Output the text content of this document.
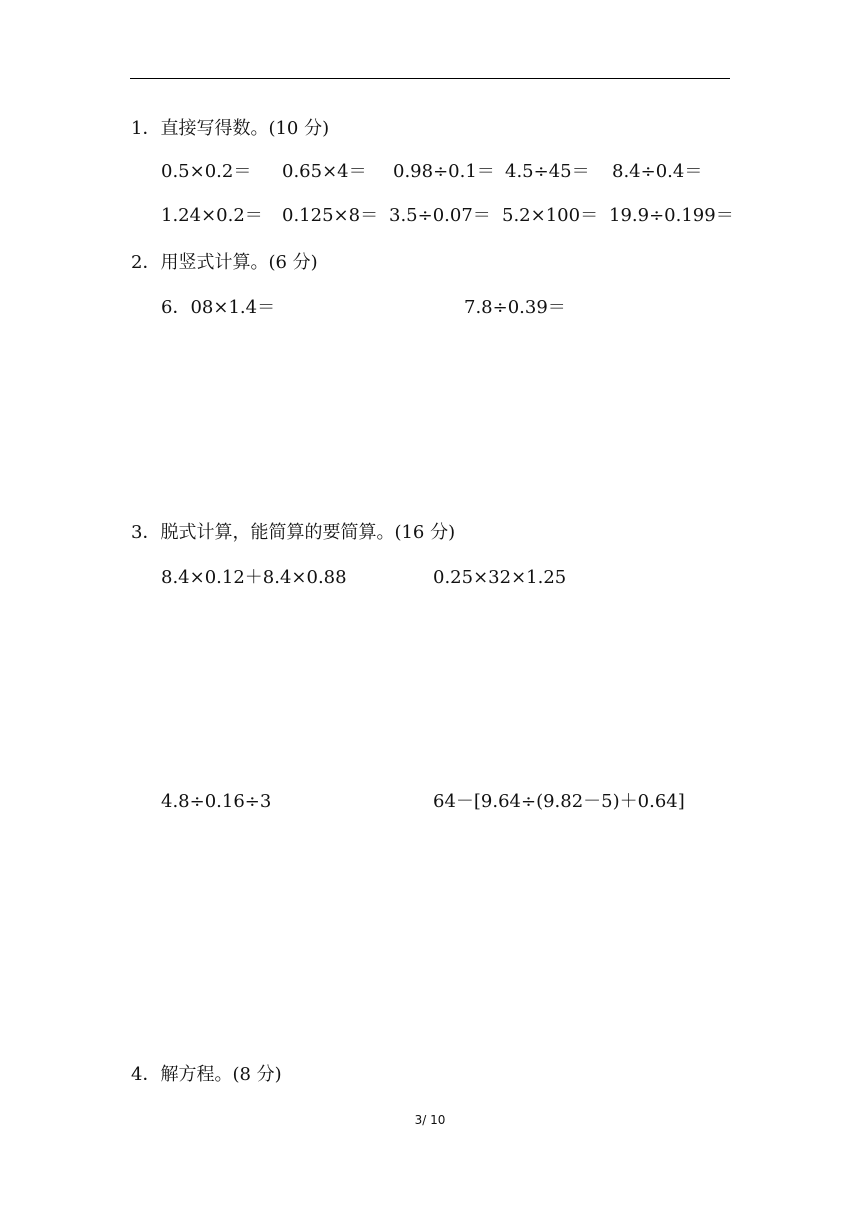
1．直接写得数。(10 分)
0.5×0.2＝ 0.65×4＝ 0.98÷0.1＝ 4.5÷45＝ 8.4÷0.4＝
1.24×0.2＝ 0.125×8＝ 3.5÷0.07＝ 5.2×100＝ 19.9÷0.199＝
2．用竖式计算。(6 分)
6．08×1.4＝	7.8÷0.39＝
3．脱式计算，能简算的要简算。(16 分)
8.4×0.12＋8.4×0.88	0.25×32×1.25
4.8÷0.16÷3	64－[9.64÷(9.82－5)＋0.64]
4．解方程。(8 分)
3/ 10
